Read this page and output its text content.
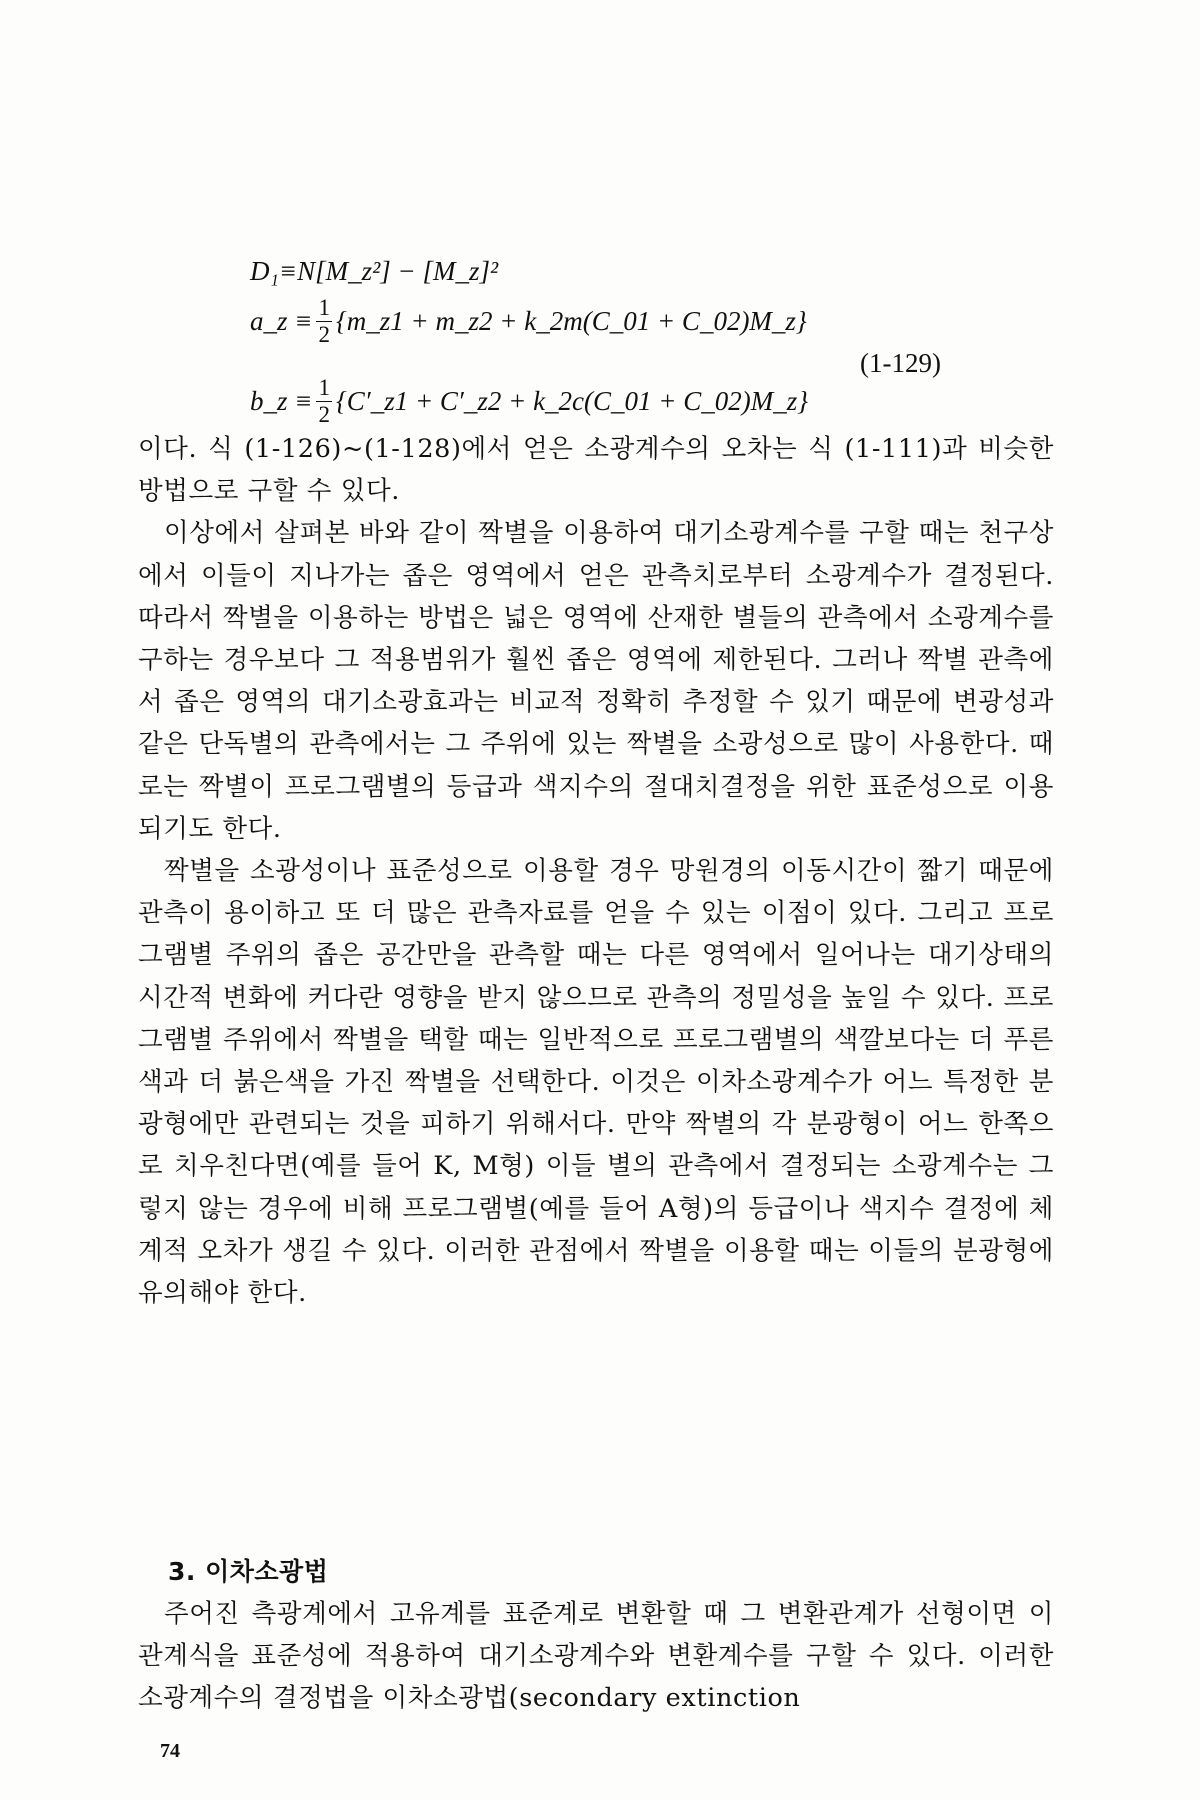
D₁≡N[M_z²] − [M_z]²
a_z ≡ $\frac{1}{2}$ {m_z1 + m_z2 + k_2m(C_01 + C_02)M_z}
(1-129)
b_z ≡ $\frac{1}{2}$ {C′_z1 + C′_z2 + k_2c(C_01 + C_02)M_z}

이다. 식 (1-126)~(1-128)에서 얻은 소광계수의 오차는 식 (1-111)과 비슷한 방법으로 구할 수 있다.

이상에서 살펴본 바와 같이 짝별을 이용하여 대기소광계수를 구할 때는 천구상에서 이들이 지나가는 좁은 영역에서 얻은 관측치로부터 소광계수가 결정된다. 따라서 짝별을 이용하는 방법은 넓은 영역에 산재한 별들의 관측에서 소광계수를 구하는 경우보다 그 적용범위가 훨씬 좁은 영역에 제한된다. 그러나 짝별 관측에서 좁은 영역의 대기소광효과는 비교적 정확히 추정할 수 있기 때문에 변광성과 같은 단독별의 관측에서는 그 주위에 있는 짝별을 소광성으로 많이 사용한다. 때로는 짝별이 프로그램별의 등급과 색지수의 절대치결정을 위한 표준성으로 이용되기도 한다.

짝별을 소광성이나 표준성으로 이용할 경우 망원경의 이동시간이 짧기 때문에 관측이 용이하고 또 더 많은 관측자료를 얻을 수 있는 이점이 있다. 그리고 프로그램별 주위의 좁은 공간만을 관측할 때는 다른 영역에서 일어나는 대기상태의 시간적 변화에 커다란 영향을 받지 않으므로 관측의 정밀성을 높일 수 있다. 프로그램별 주위에서 짝별을 택할 때는 일반적으로 프로그램별의 색깔보다는 더 푸른색과 더 붉은색을 가진 짝별을 선택한다. 이것은 이차소광계수가 어느 특정한 분광형에만 관련되는 것을 피하기 위해서다. 만약 짝별의 각 분광형이 어느 한쪽으로 치우친다면(예를 들어 K, M형) 이들 별의 관측에서 결정되는 소광계수는 그렇지 않는 경우에 비해 프로그램별(예를 들어 A형)의 등급이나 색지수 결정에 체계적 오차가 생길 수 있다. 이러한 관점에서 짝별을 이용할 때는 이들의 분광형에 유의해야 한다.

3. 이차소광법

주어진 측광계에서 고유계를 표준계로 변환할 때 그 변환관계가 선형이면 이 관계식을 표준성에 적용하여 대기소광계수와 변환계수를 구할 수 있다. 이러한 소광계수의 결정법을 이차소광법(secondary extinction

74
